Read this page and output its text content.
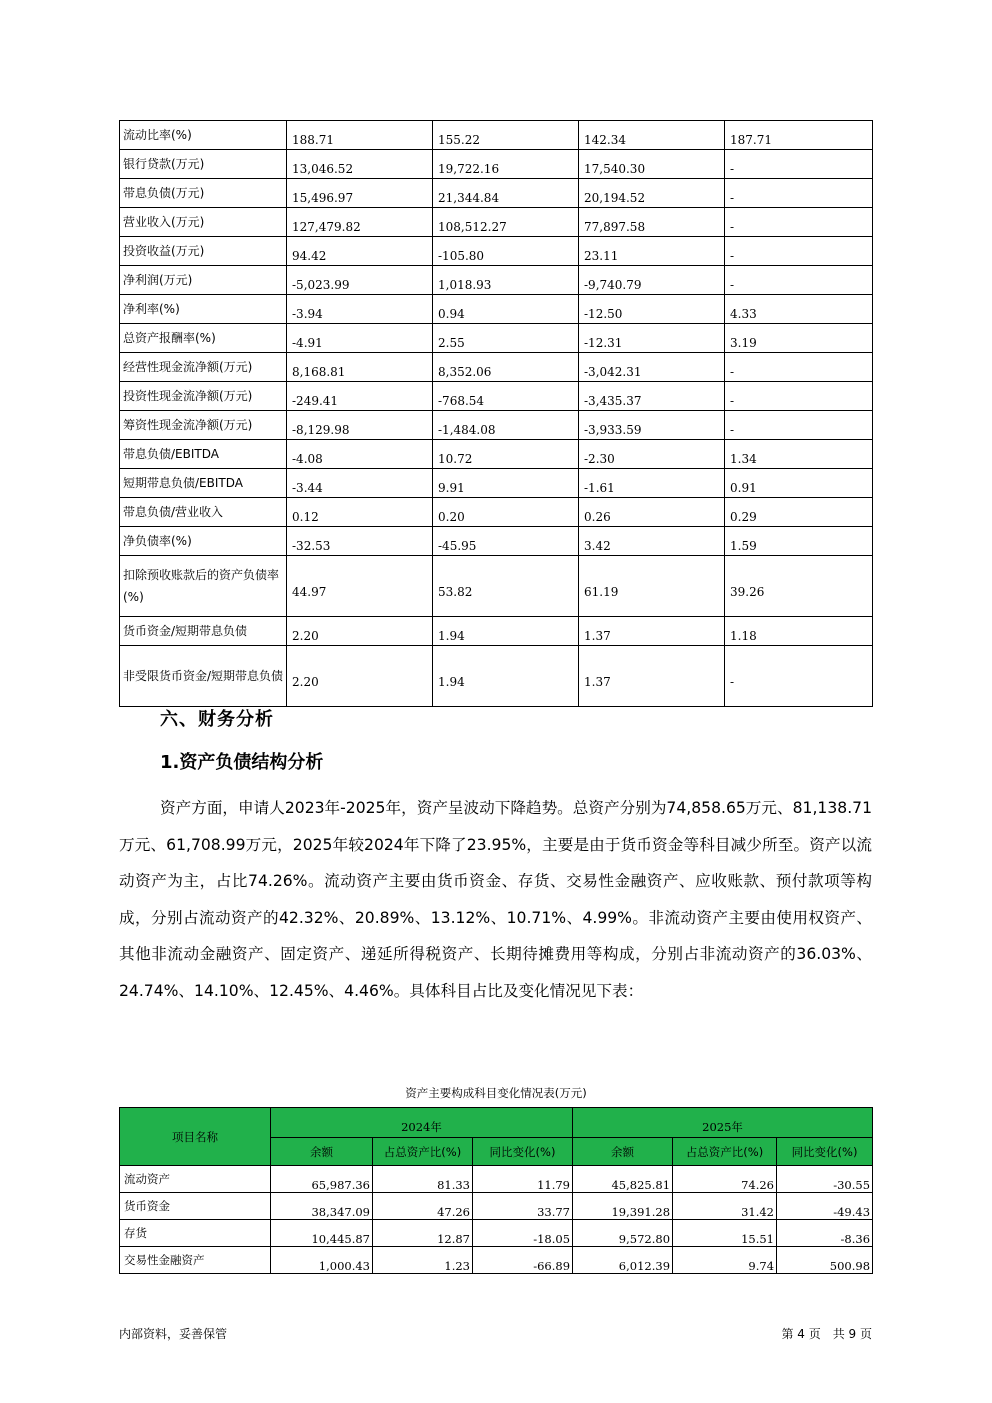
流动比率(%)	188.71	155.22	142.34	187.71
银行贷款(万元)	13,046.52	19,722.16	17,540.30	-
带息负债(万元)	15,496.97	21,344.84	20,194.52	-
营业收入(万元)	127,479.82	108,512.27	77,897.58	-
投资收益(万元)	94.42	-105.80	23.11	-
净利润(万元)	-5,023.99	1,018.93	-9,740.79	-
净利率(%)	-3.94	0.94	-12.50	4.33
总资产报酬率(%)	-4.91	2.55	-12.31	3.19
经营性现金流净额(万元)	8,168.81	8,352.06	-3,042.31	-
投资性现金流净额(万元)	-249.41	-768.54	-3,435.37	-
筹资性现金流净额(万元)	-8,129.98	-1,484.08	-3,933.59	-
带息负债/EBITDA	-4.08	10.72	-2.30	1.34
短期带息负债/EBITDA	-3.44	9.91	-1.61	0.91
带息负债/营业收入	0.12	0.20	0.26	0.29
净负债率(%)	-32.53	-45.95	3.42	1.59
扣除预收账款后的资产负债率(%)	44.97	53.82	61.19	39.26
货币资金/短期带息负债	2.20	1.94	1.37	1.18
非受限货币资金/短期带息负债	2.20	1.94	1.37	-
六、财务分析
1.资产负债结构分析
资产方面，申请人2023年-2025年，资产呈波动下降趋势。总资产分别为74,858.65万元、81,138.71万元、61,708.99万元，2025年较2024年下降了23.95%，主要是由于货币资金等科目减少所至。资产以流动资产为主，占比74.26%。流动资产主要由货币资金、存货、交易性金融资产、应收账款、预付款项等构成，分别占流动资产的42.32%、20.89%、13.12%、10.71%、4.99%。非流动资产主要由使用权资产、其他非流动金融资产、固定资产、递延所得税资产、长期待摊费用等构成，分别占非流动资产的36.03%、24.74%、14.10%、12.45%、4.46%。具体科目占比及变化情况见下表：
资产主要构成科目变化情况表(万元)
项目名称	2024年			2025年		
	余额	占总资产比(%)	同比变化(%)	余额	占总资产比(%)	同比变化(%)
流动资产	65,987.36	81.33	11.79	45,825.81	74.26	-30.55
货币资金	38,347.09	47.26	33.77	19,391.28	31.42	-49.43
存货	10,445.87	12.87	-18.05	9,572.80	15.51	-8.36
交易性金融资产	1,000.43	1.23	-66.89	6,012.39	9.74	500.98
内部资料，妥善保管	第 4 页　共 9 页
